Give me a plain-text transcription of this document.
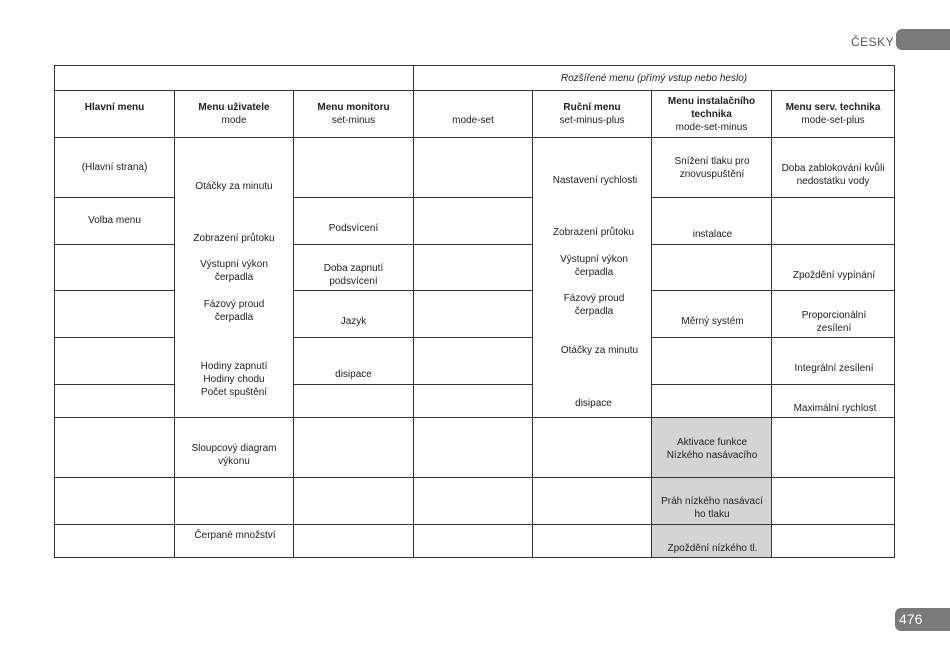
ČESKY
Rozšířené menu (přímý vstup nebo heslo)
Hlavní menu	Menu uživatele
mode
Menu monitoru
set-minus	mode-set
Ruční menu
set-minus-plus
Menu instalačního technika
mode-set-minus
Menu serv. technika
mode-set-plus
(Hlavní strana)
Volba menu
Otáčky za minutu
Zobrazení průtoku
Výstupní výkon čerpadla
Fázový proud čerpadla
Hodiny zapnutí Hodiny chodu Počet spuštění
Sloupcový diagram výkonu
Čerpané množství
Podsvícení
Doba zapnutí podsvícení
Jazyk
disipace
Nastavení rychlosti
Zobrazení průtoku
Výstupní výkon čerpadla
Fázový proud čerpadla
Otáčky za minutu
disipace
Snížení tlaku pro znovuspuštění
instalace
Měrný systém
Aktivace funkce Nízkého nasávacího
Práh nízkého nasávací ho tlaku
Zpoždění nízkého tl.
Doba zablokování kvůli nedostatku vody
Zpoždění vypínání
Proporcionální zesílení
Integrální zesílení
Maximální rychlost
476
